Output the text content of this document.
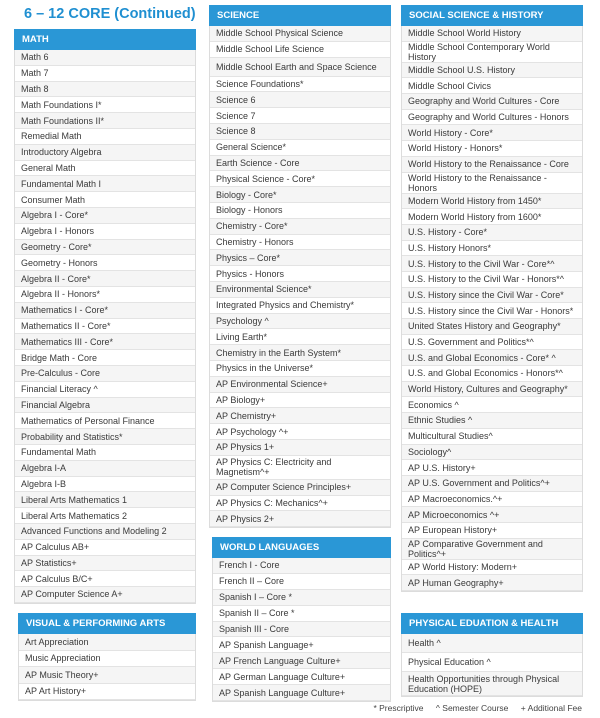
6 – 12 CORE (Continued)
MATH
Math 6
Math 7
Math 8
Math Foundations I*
Math Foundations II*
Remedial Math
Introductory Algebra
General Math
Fundamental Math I
Consumer Math
Algebra I - Core*
Algebra I - Honors
Geometry - Core*
Geometry - Honors
Algebra II - Core*
Algebra II - Honors*
Mathematics I - Core*
Mathematics II - Core*
Mathematics III - Core*
Bridge Math - Core
Pre-Calculus - Core
Financial Literacy ^
Financial Algebra
Mathematics of Personal Finance
Probability and Statistics*
Fundamental Math
Algebra I-A
Algebra I-B
Liberal Arts Mathematics 1
Liberal Arts Mathematics 2
Advanced Functions and Modeling 2
AP Calculus AB+
AP Statistics+
AP Calculus B/C+
AP Computer Science A+
VISUAL & PERFORMING ARTS
Art Appreciation
Music Appreciation
AP Music Theory+
AP Art History+
SCIENCE
Middle School Physical Science
Middle School Life Science
Middle School Earth and Space Science
Science Foundations*
Science 6
Science 7
Science 8
General Science*
Earth Science - Core
Physical Science - Core*
Biology - Core*
Biology - Honors
Chemistry - Core*
Chemistry - Honors
Physics – Core*
Physics - Honors
Environmental Science*
Integrated Physics and Chemistry*
Psychology ^
Living Earth*
Chemistry in the Earth System*
Physics in the Universe*
AP Environmental Science+
AP Biology+
AP Chemistry+
AP Psychology ^+
AP Physics 1+
AP Physics C: Electricity and Magnetism^+
AP Computer Science Principles+
AP Physics C: Mechanics^+
AP Physics 2+
WORLD LANGUAGES
French I - Core
French II – Core
Spanish I – Core *
Spanish II – Core *
Spanish III - Core
AP Spanish Language+
AP French Language Culture+
AP German Language Culture+
AP Spanish Language Culture+
SOCIAL SCIENCE & HISTORY
Middle School World History
Middle School Contemporary World History
Middle School U.S. History
Middle School Civics
Geography and World Cultures - Core
Geography and World Cultures - Honors
World History - Core*
World History - Honors*
World History to the Renaissance - Core
World History to the Renaissance - Honors
Modern World History from 1450*
Modern World History from 1600*
U.S. History - Core*
U.S. History Honors*
U.S. History to the Civil War - Core*^
U.S. History to the Civil War - Honors*^
U.S. History since the Civil War - Core*
U.S. History since the Civil War - Honors*
United States History and Geography*
U.S. Government and Politics*^
U.S. and Global Economics - Core* ^
U.S. and Global Economics - Honors*^
World History, Cultures and Geography*
Economics ^
Ethnic Studies ^
Multicultural Studies^
Sociology^
AP U.S. History+
AP U.S. Government and Politics^+
AP Macroeconomics.^+
AP Microeconomics ^+
AP European History+
AP Comparative Government and Politics^+
AP World History: Modern+
AP Human Geography+
PHYSICAL EDUATION & HEALTH
Health ^
Physical Education ^
Health Opportunities through Physical Education (HOPE)
* Prescriptive ^ Semester Course + Additional Fee
